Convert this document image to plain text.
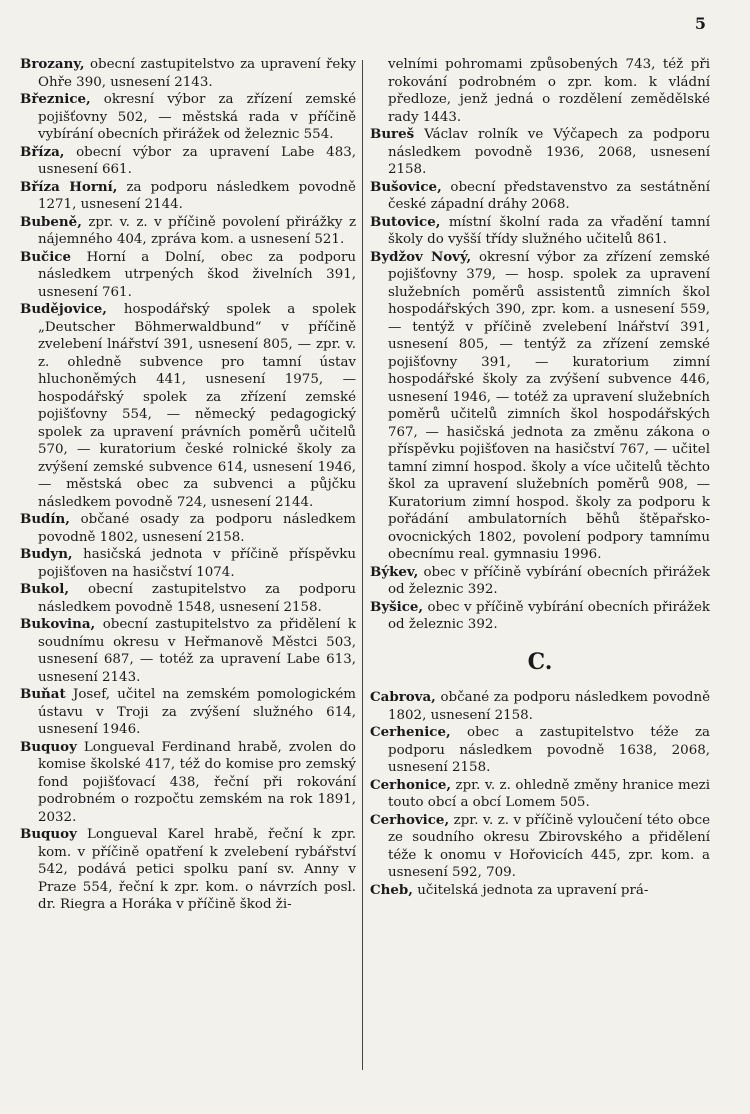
5
Brozany, obecní zastupitelstvo za upravení řeky Ohře 390, usnesení 2143.
Březnice, okresní výbor za zřízení zemské pojišťovny 502, — městská rada v příčině vybírání obecních přirážek od železnic 554.
Bříza, obecní výbor za upravení Labe 483, usnesení 661.
Bříza Horní, za podporu následkem povodně 1271, usnesení 2144.
Bubeně, zpr. v. z. v příčině povolení přirážky z nájemného 404, zpráva kom. a usnesení 521.
Bučice Horní a Dolní, obec za podporu následkem utrpených škod živelních 391, usnesení 761.
Budějovice, hospodářský spolek a spolek „Deutscher Böhmerwaldbund“ v příčině zvelebení lnářství 391, usnesení 805, — zpr. v. z. ohledně subvence pro tamní ústav hluchoněmých 441, usnesení 1975, — hospodářský spolek za zřízení zemské pojišťovny 554, — německý pedagogický spolek za upravení právních poměrů učitelů 570, — kuratorium české rolnické školy za zvýšení zemské subvence 614, usnesení 1946, — městská obec za subvenci a půjčku následkem povodně 724, usnesení 2144.
Budín, občané osady za podporu následkem povodně 1802, usnesení 2158.
Budyn, hasičská jednota v příčině příspěvku pojišťoven na hasičství 1074.
Bukol, obecní zastupitelstvo za podporu následkem povodně 1548, usnesení 2158.
Bukovina, obecní zastupitelstvo za přidělení k soudnímu okresu v Heřmanově Městci 503, usnesení 687, — totéž za upravení Labe 613, usnesení 2143.
Buňat Josef, učitel na zemském pomologickém ústavu v Troji za zvýšení služného 614, usnesení 1946.
Buquoy Longueval Ferdinand hrabě, zvolen do komise školské 417, též do komise pro zemský fond pojišťovací 438, řeční při rokování podrobném o rozpočtu zemském na rok 1891, 2032.
Buquoy Longueval Karel hrabě, řeční k zpr. kom. v příčině opatření k zvelebení rybářství 542, podává petici spolku paní sv. Anny v Praze 554, řeční k zpr. kom. o návrzích posl. dr. Riegra a Horáka v příčině škod ži-
velními pohromami způsobených 743, též při rokování podrobném o zpr. kom. k vládní předloze, jenž jedná o rozdělení zemědělské rady 1443.
Bureš Václav rolník ve Výčapech za podporu následkem povodně 1936, 2068, usnesení 2158.
Bušovice, obecní představenstvo za sestátnění české západní dráhy 2068.
Butovice, místní školní rada za vřadění tamní školy do vyšší třídy služného učitelů 861.
Bydžov Nový, okresní výbor za zřízení zemské pojišťovny 379, — hosp. spolek za upravení služebních poměrů assistentů zimních škol hospodářských 390, zpr. kom. a usnesení 559, — tentýž v příčině zvelebení lnářství 391, usnesení 805, — tentýž za zřízení zemské pojišťovny 391, — kuratorium zimní hospodářské školy za zvýšení subvence 446, usnesení 1946, — totéž za upravení služebních poměrů učitelů zimních škol hospodářských 767, — hasičská jednota za změnu zákona o příspěvku pojišťoven na hasičství 767, — učitel tamní zimní hospod. školy a více učitelů těchto škol za upravení služebních poměrů 908, — Kuratorium zimní hospod. školy za podporu k pořádání ambulatorních běhů štěpařsko-ovocnických 1802, povolení podpory tamnímu obecnímu real. gymnasiu 1996.
Býkev, obec v příčině vybírání obecních přirážek od železnic 392.
Byšice, obec v příčině vybírání obecních přirážek od železnic 392.
C.
Cabrova, občané za podporu následkem povodně 1802, usnesení 2158.
Cerhenice, obec a zastupitelstvo téže za podporu následkem povodně 1638, 2068, usnesení 2158.
Cerhonice, zpr. v. z. ohledně změny hranice mezi touto obcí a obcí Lomem 505.
Cerhovice, zpr. v. z. v příčině vyloučení této obce ze soudního okresu Zbirovského a přidělení téže k onomu v Hořovicích 445, zpr. kom. a usnesení 592, 709.
Cheb, učitelská jednota za upravení prá-
